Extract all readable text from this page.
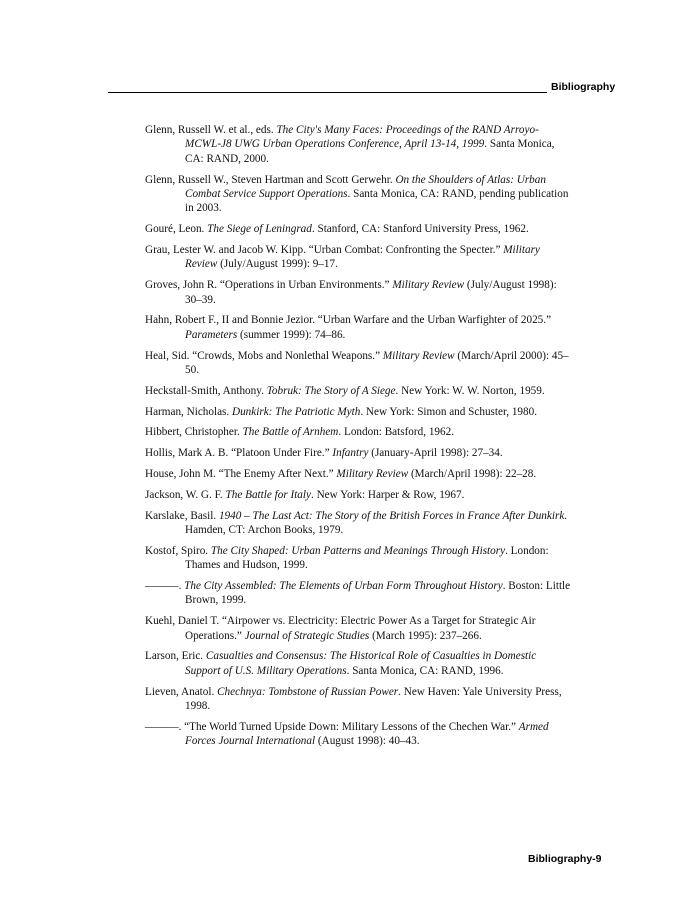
Bibliography
Glenn, Russell W. et al., eds. The City's Many Faces: Proceedings of the RAND Arroyo-MCWL-J8 UWG Urban Operations Conference, April 13-14, 1999. Santa Monica, CA: RAND, 2000.
Glenn, Russell W., Steven Hartman and Scott Gerwehr. On the Shoulders of Atlas: Urban Combat Service Support Operations. Santa Monica, CA: RAND, pending publication in 2003.
Gouré, Leon. The Siege of Leningrad. Stanford, CA: Stanford University Press, 1962.
Grau, Lester W. and Jacob W. Kipp. “Urban Combat: Confronting the Specter.” Military Review (July/August 1999): 9–17.
Groves, John R. “Operations in Urban Environments.” Military Review (July/August 1998): 30–39.
Hahn, Robert F., II and Bonnie Jezior. “Urban Warfare and the Urban Warfighter of 2025.” Parameters (summer 1999): 74–86.
Heal, Sid. “Crowds, Mobs and Nonlethal Weapons.” Military Review (March/April 2000): 45–50.
Heckstall-Smith, Anthony. Tobruk: The Story of A Siege. New York: W. W. Norton, 1959.
Harman, Nicholas. Dunkirk: The Patriotic Myth. New York: Simon and Schuster, 1980.
Hibbert, Christopher. The Battle of Arnhem. London: Batsford, 1962.
Hollis, Mark A. B. “Platoon Under Fire.” Infantry (January-April 1998): 27–34.
House, John M. “The Enemy After Next.” Military Review (March/April 1998): 22–28.
Jackson, W. G. F. The Battle for Italy. New York: Harper & Row, 1967.
Karslake, Basil. 1940 – The Last Act: The Story of the British Forces in France After Dunkirk. Hamden, CT: Archon Books, 1979.
Kostof, Spiro. The City Shaped: Urban Patterns and Meanings Through History. London: Thames and Hudson, 1999.
———. The City Assembled: The Elements of Urban Form Throughout History. Boston: Little Brown, 1999.
Kuehl, Daniel T. “Airpower vs. Electricity: Electric Power As a Target for Strategic Air Operations.” Journal of Strategic Studies (March 1995): 237–266.
Larson, Eric. Casualties and Consensus: The Historical Role of Casualties in Domestic Support of U.S. Military Operations. Santa Monica, CA: RAND, 1996.
Lieven, Anatol. Chechnya: Tombstone of Russian Power. New Haven: Yale University Press, 1998.
———. “The World Turned Upside Down: Military Lessons of the Chechen War.” Armed Forces Journal International (August 1998): 40–43.
Bibliography-9
